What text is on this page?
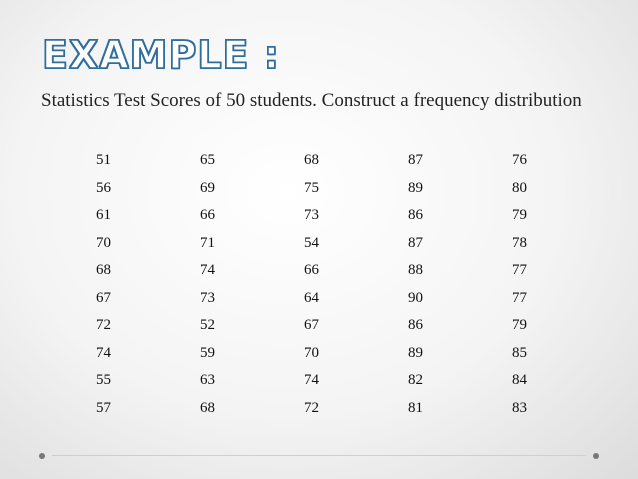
EXAMPLE :
Statistics Test Scores of 50 students. Construct a frequency distribution
51	65	68	87	76
56	69	75	89	80
61	66	73	86	79
70	71	54	87	78
68	74	66	88	77
67	73	64	90	77
72	52	67	86	79
74	59	70	89	85
55	63	74	82	84
57	68	72	81	83
